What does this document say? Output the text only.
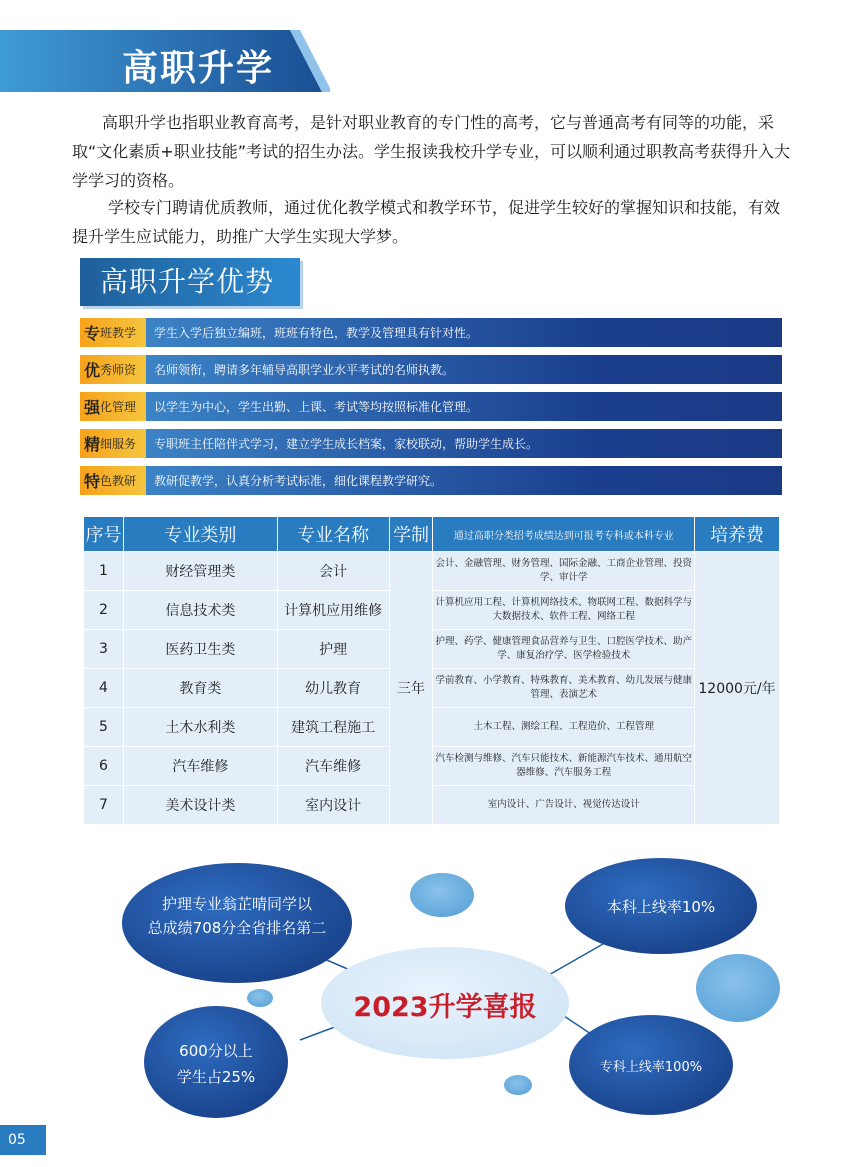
高职升学
高职升学也指职业教育高考，是针对职业教育的专门性的高考，它与普通高考有同等的功能，采取“文化素质+职业技能”考试的招生办法。学生报读我校升学专业，可以顺利通过职教高考获得升入大学学习的资格。
学校专门聘请优质教师，通过优化教学模式和教学环节，促进学生较好的掌握知识和技能，有效提升学生应试能力，助推广大学生实现大学梦。
高职升学优势
专 班教学	学生入学后独立编班，班班有特色，教学及管理具有针对性。
优 秀师资	名师领衔，聘请多年辅导高职学业水平考试的名师执教。
强 化管理	以学生为中心，学生出勤、上课、考试等均按照标准化管理。
精 细服务	专职班主任陪伴式学习，建立学生成长档案，家校联动，帮助学生成长。
特 色教研	教研促教学，认真分析考试标准，细化课程教学研究。
序号	专业类别	专业名称	学制	通过高职分类招考成绩达到可报考专科或本科专业	培养费
1	财经管理类	会计	三年	会计、金融管理、财务管理、国际金融、工商企业管理、投资学、审计学	12000元/年
2	信息技术类	计算机应用维修		计算机应用工程、计算机网络技术、物联网工程、数据科学与大数据技术、软件工程、网络工程	
3	医药卫生类	护理		护理、药学、健康管理食品营养与卫生、口腔医学技术、助产学、康复治疗学、医学检验技术	
4	教育类	幼儿教育		学前教育、小学教育、特殊教育、美术教育、幼儿发展与健康管理、表演艺术	
5	土木水利类	建筑工程施工		土木工程、测绘工程、工程造价、工程管理	
6	汽车维修	汽车维修		汽车检测与维修、汽车只能技术、新能源汽车技术、通用航空器维修、汽车服务工程	
7	美术设计类	室内设计		室内设计、广告设计、视觉传达设计	
护理专业翁芷晴同学以
总成绩708分全省排名第二
本科上线率10%
600分以上
学生占25%
专科上线率100%
2023升学喜报
05
